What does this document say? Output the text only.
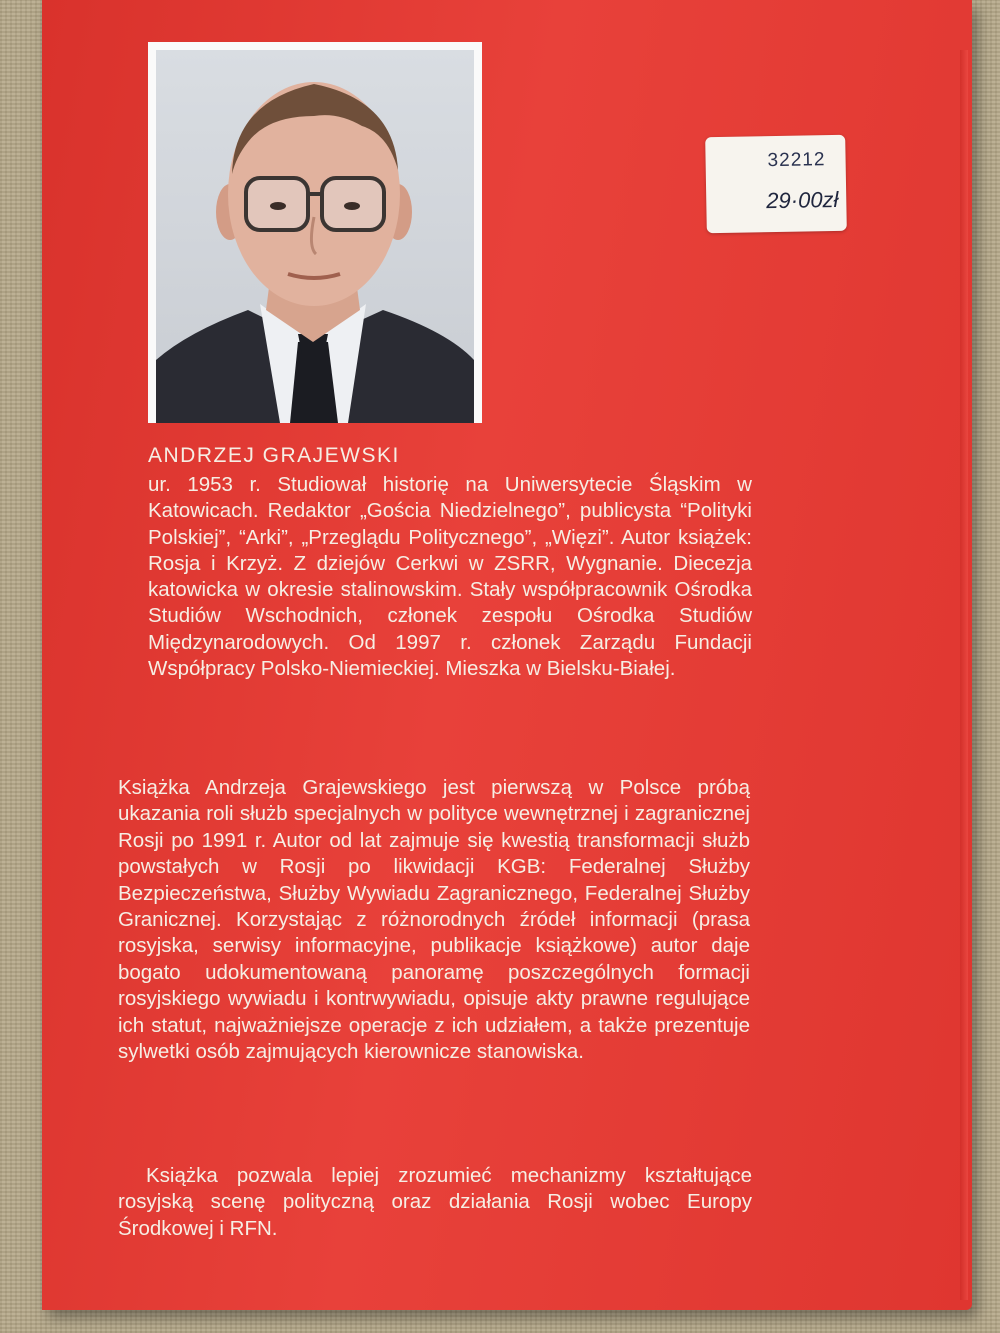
32212
29·00zł
ANDRZEJ GRAJEWSKI

ur. 1953 r. Studiował historię na Uniwersytecie Śląskim w Katowicach. Redaktor „Gościa Niedzielnego”, publicysta “Polityki Polskiej”, “Arki”, „Przeglądu Politycznego”, „Więzi”. Autor książek: Rosja i Krzyż. Z dziejów Cerkwi w ZSRR, Wygnanie. Diecezja katowicka w okresie stalinowskim. Stały współpracownik Ośrodka Studiów Wschodnich, członek zespołu Ośrodka Studiów Międzynarodowych. Od 1997 r. członek Zarządu Fundacji Współpracy Polsko-Niemieckiej. Mieszka w Bielsku-Białej.

Książka Andrzeja Grajewskiego jest pierwszą w Polsce próbą ukazania roli służb specjalnych w polityce wewnętrznej i zagranicznej Rosji po 1991 r. Autor od lat zajmuje się kwestią transformacji służb powstałych w Rosji po likwidacji KGB: Federalnej Służby Bezpieczeństwa, Służby Wywiadu Zagranicznego, Federalnej Służby Granicznej. Korzystając z różnorodnych źródeł informacji (prasa rosyjska, serwisy informacyjne, publikacje książkowe) autor daje bogato udokumentowaną panoramę poszczególnych formacji rosyjskiego wywiadu i kontrwywiadu, opisuje akty prawne regulujące ich statut, najważniejsze operacje z ich udziałem, a także prezentuje sylwetki osób zajmujących kierownicze stanowiska.

Książka pozwala lepiej zrozumieć mechanizmy kształtujące rosyjską scenę polityczną oraz działania Rosji wobec Europy Środkowej i RFN.
